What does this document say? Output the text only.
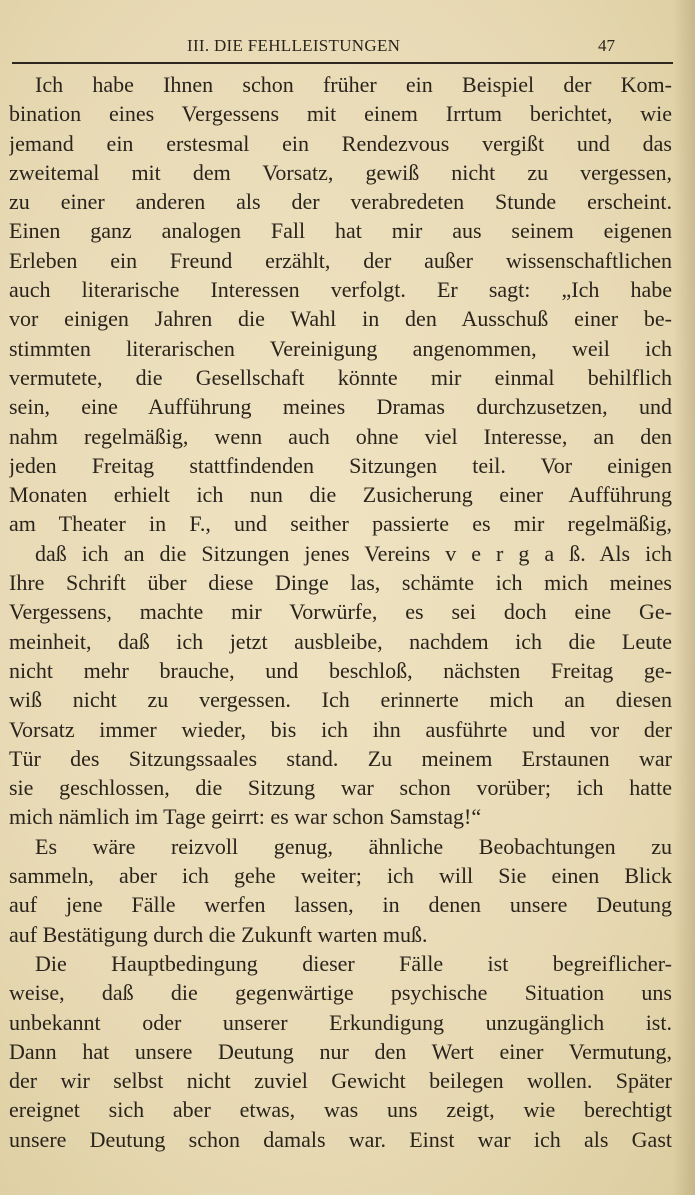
III. DIE FEHLLEISTUNGEN	47
Ich habe Ihnen schon früher ein Beispiel der Kom-
bination eines Vergessens mit einem Irrtum berichtet, wie
jemand ein erstesmal ein Rendezvous vergißt und das
zweitemal mit dem Vorsatz, gewiß nicht zu vergessen,
zu einer anderen als der verabredeten Stunde erscheint.
Einen ganz analogen Fall hat mir aus seinem eigenen
Erleben ein Freund erzählt, der außer wissenschaftlichen
auch literarische Interessen verfolgt. Er sagt: „Ich habe
vor einigen Jahren die Wahl in den Ausschuß einer be-
stimmten literarischen Vereinigung angenommen, weil ich
vermutete, die Gesellschaft könnte mir einmal behilflich
sein, eine Aufführung meines Dramas durchzusetzen, und
nahm regelmäßig, wenn auch ohne viel Interesse, an den
jeden Freitag stattfindenden Sitzungen teil. Vor einigen
Monaten erhielt ich nun die Zusicherung einer Aufführung
am Theater in F., und seither passierte es mir regelmäßig,
daß ich an die Sitzungen jenes Vereins v e r g a ß. Als ich
Ihre Schrift über diese Dinge las, schämte ich mich meines
Vergessens, machte mir Vorwürfe, es sei doch eine Ge-
meinheit, daß ich jetzt ausbleibe, nachdem ich die Leute
nicht mehr brauche, und beschloß, nächsten Freitag ge-
wiß nicht zu vergessen. Ich erinnerte mich an diesen
Vorsatz immer wieder, bis ich ihn ausführte und vor der
Tür des Sitzungssaales stand. Zu meinem Erstaunen war
sie geschlossen, die Sitzung war schon vorüber; ich hatte
mich nämlich im Tage geirrt: es war schon Samstag!“
Es wäre reizvoll genug, ähnliche Beobachtungen zu
sammeln, aber ich gehe weiter; ich will Sie einen Blick
auf jene Fälle werfen lassen, in denen unsere Deutung
auf Bestätigung durch die Zukunft warten muß.
Die Hauptbedingung dieser Fälle ist begreiflicher-
weise, daß die gegenwärtige psychische Situation uns
unbekannt oder unserer Erkundigung unzugänglich ist.
Dann hat unsere Deutung nur den Wert einer Vermutung,
der wir selbst nicht zuviel Gewicht beilegen wollen. Später
ereignet sich aber etwas, was uns zeigt, wie berechtigt
unsere Deutung schon damals war. Einst war ich als Gast
